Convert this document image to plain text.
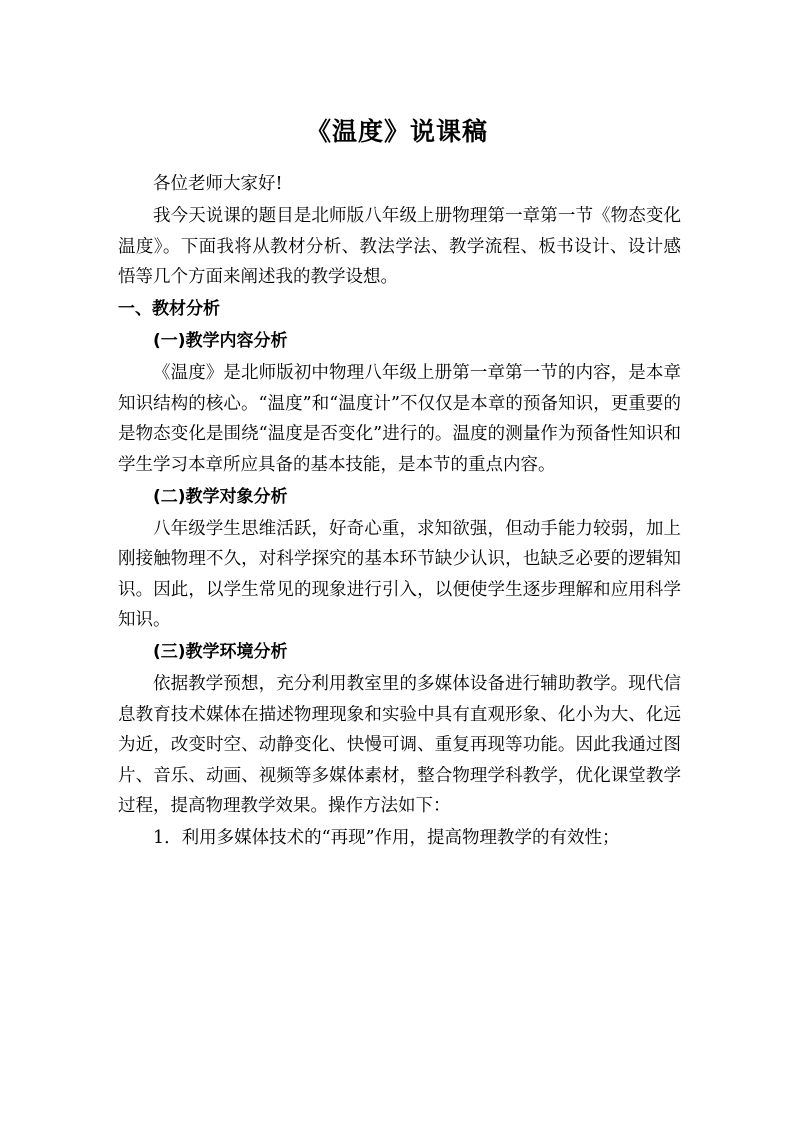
《温度》说课稿

各位老师大家好!

我今天说课的题目是北师版八年级上册物理第一章第一节《物态变化温度》。下面我将从教材分析、教法学法、教学流程、板书设计、设计感悟等几个方面来阐述我的教学设想。

一、教材分析

(一)教学内容分析

《温度》是北师版初中物理八年级上册第一章第一节的内容，是本章知识结构的核心。“温度”和“温度计”不仅仅是本章的预备知识，更重要的是物态变化是围绕“温度是否变化”进行的。温度的测量作为预备性知识和学生学习本章所应具备的基本技能，是本节的重点内容。

(二)教学对象分析

八年级学生思维活跃，好奇心重，求知欲强，但动手能力较弱，加上刚接触物理不久，对科学探究的基本环节缺少认识，也缺乏必要的逻辑知识。因此，以学生常见的现象进行引入，以便使学生逐步理解和应用科学知识。

(三)教学环境分析

依据教学预想，充分利用教室里的多媒体设备进行辅助教学。现代信息教育技术媒体在描述物理现象和实验中具有直观形象、化小为大、化远为近，改变时空、动静变化、快慢可调、重复再现等功能。因此我通过图片、音乐、动画、视频等多媒体素材，整合物理学科教学，优化课堂教学过程，提高物理教学效果。操作方法如下：

1．利用多媒体技术的“再现”作用，提高物理教学的有效性；
